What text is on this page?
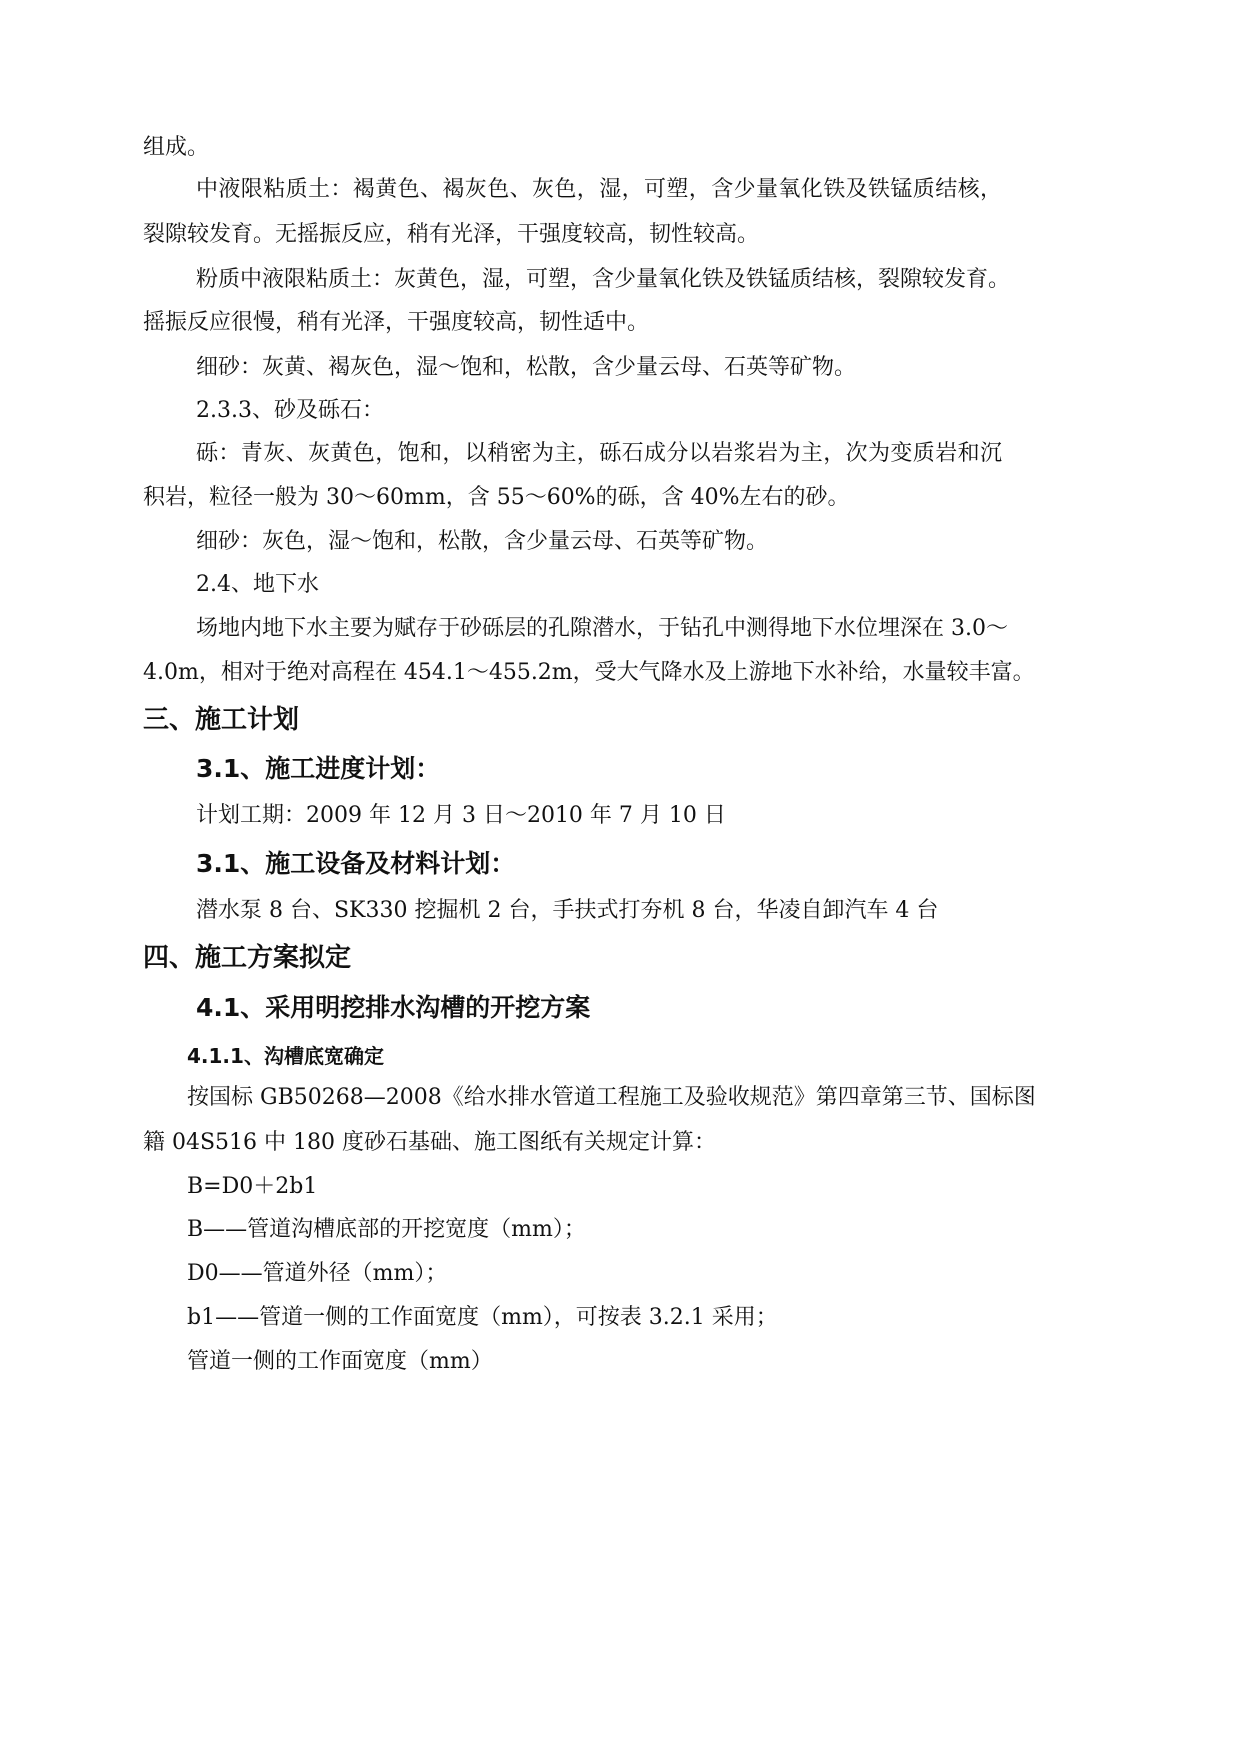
组成。
中液限粘质土：褐黄色、褐灰色、灰色，湿，可塑，含少量氧化铁及铁锰质结核，
裂隙较发育。无摇振反应，稍有光泽，干强度较高，韧性较高。
粉质中液限粘质土：灰黄色，湿，可塑，含少量氧化铁及铁锰质结核，裂隙较发育。
摇振反应很慢，稍有光泽，干强度较高，韧性适中。
细砂：灰黄、褐灰色，湿～饱和，松散，含少量云母、石英等矿物。
2.3.3、砂及砾石：
砾：青灰、灰黄色，饱和，以稍密为主，砾石成分以岩浆岩为主，次为变质岩和沉
积岩，粒径一般为 30～60mm，含 55～60%的砾，含 40%左右的砂。
细砂：灰色，湿～饱和，松散，含少量云母、石英等矿物。
2.4、地下水
场地内地下水主要为赋存于砂砾层的孔隙潜水，于钻孔中测得地下水位埋深在 3.0～
4.0m，相对于绝对高程在 454.1～455.2m，受大气降水及上游地下水补给，水量较丰富。
三、施工计划
3.1、施工进度计划：
计划工期：2009 年 12 月 3 日～2010 年 7 月 10 日
3.1、施工设备及材料计划：
潜水泵 8 台、SK330 挖掘机 2 台，手扶式打夯机 8 台，华凌自卸汽车 4 台
四、施工方案拟定
4.1、采用明挖排水沟槽的开挖方案
4.1.1、沟槽底宽确定
按国标 GB50268—2008《给水排水管道工程施工及验收规范》第四章第三节、国标图
籍 04S516 中 180 度砂石基础、施工图纸有关规定计算：
B=D0＋2b1
B——管道沟槽底部的开挖宽度（mm）；
D0——管道外径（mm）；
b1——管道一侧的工作面宽度（mm），可按表 3.2.1 采用；
管道一侧的工作面宽度（mm）
